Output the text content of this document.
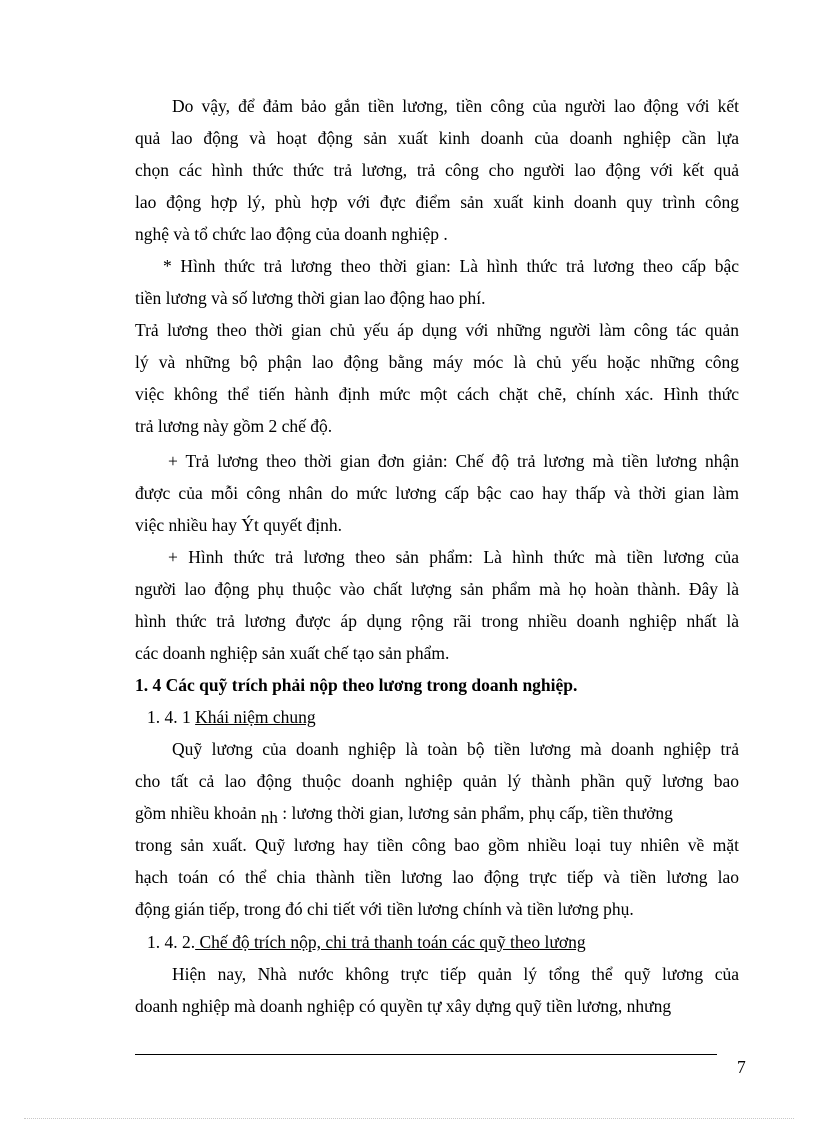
Do vậy, để đảm bảo gắn tiền lương, tiền công của người lao động với kết
quả lao động và hoạt động sản xuất kinh doanh của doanh nghiệp cần lựa
chọn các hình thức thức trả lương, trả công cho người lao động với kết quả
lao động hợp lý, phù hợp với đực điểm sản xuất kinh doanh quy trình công
nghệ và tổ chức lao động của doanh nghiệp .
* Hình thức trả lương theo thời gian: Là hình thức trả lương theo cấp bậc
tiền lương và số lương thời gian lao động hao phí.
Trả lương theo thời gian chủ yếu áp dụng với những người làm công tác quản
lý và những bộ phận lao động bằng máy móc là chủ yếu hoặc những công
việc không thể tiến hành định mức một cách chặt chẽ, chính xác. Hình thức
trả lương này gồm 2 chế độ.
+ Trả lương theo thời gian đơn giản: Chế độ trả lương mà tiền lương nhận
được của mỗi công nhân do mức lương cấp bậc cao hay thấp và thời gian làm
việc nhiều hay Ýt quyết định.
+ Hình thức trả lương theo sản phẩm: Là hình thức mà tiền lương của
người lao động phụ thuộc vào chất lượng sản phẩm mà họ hoàn thành. Đây là
hình thức trả lương được áp dụng rộng rãi trong nhiều doanh nghiệp nhất là
các doanh nghiệp sản xuất chế tạo sản phẩm.
1. 4 Các quỹ trích phải nộp theo lương trong doanh nghiệp.
1. 4. 1 Khái niệm chung
Quỹ lương của doanh nghiệp là toàn bộ tiền lương mà doanh nghiệp trả
cho tất cả lao động thuộc doanh nghiệp quản lý thành phần quỹ lương bao
gồm nhiều khoản nh : lương thời gian, lương sản phẩm, phụ cấp, tiền thưởng
trong sản xuất. Quỹ lương hay tiền công bao gồm nhiều loại tuy nhiên về mặt
hạch toán có thể chia thành tiền lương lao động trực tiếp và tiền lương lao
động gián tiếp, trong đó chi tiết với tiền lương chính và tiền lương phụ.
1. 4. 2. Chế độ trích nộp, chi trả thanh toán các quỹ theo lương
Hiện nay, Nhà nước không trực tiếp quản lý tổng thể quỹ lương của
doanh nghiệp mà doanh nghiệp có quyền tự xây dựng quỹ tiền lương, nhưng
7
